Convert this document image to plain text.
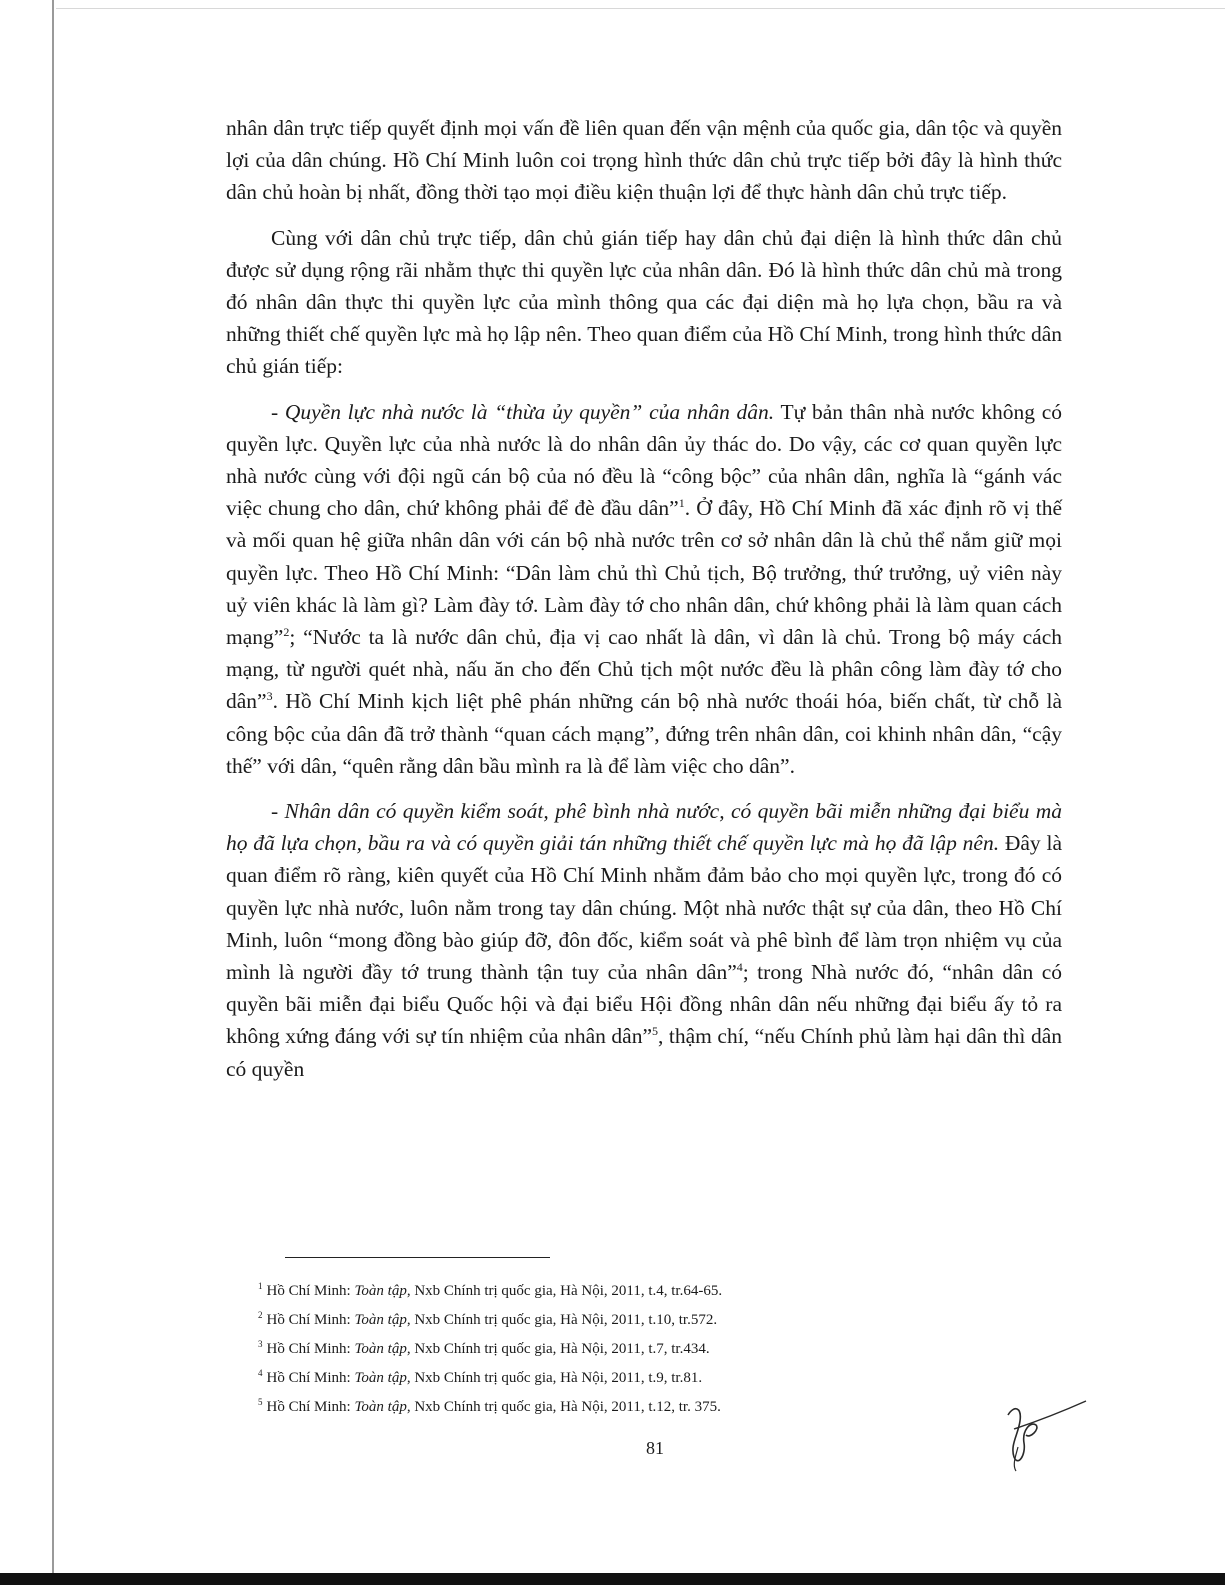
nhân dân trực tiếp quyết định mọi vấn đề liên quan đến vận mệnh của quốc gia, dân tộc và quyền lợi của dân chúng. Hồ Chí Minh luôn coi trọng hình thức dân chủ trực tiếp bởi đây là hình thức dân chủ hoàn bị nhất, đồng thời tạo mọi điều kiện thuận lợi để thực hành dân chủ trực tiếp.

Cùng với dân chủ trực tiếp, dân chủ gián tiếp hay dân chủ đại diện là hình thức dân chủ được sử dụng rộng rãi nhằm thực thi quyền lực của nhân dân. Đó là hình thức dân chủ mà trong đó nhân dân thực thi quyền lực của mình thông qua các đại diện mà họ lựa chọn, bầu ra và những thiết chế quyền lực mà họ lập nên. Theo quan điểm của Hồ Chí Minh, trong hình thức dân chủ gián tiếp:

- Quyền lực nhà nước là “thừa ủy quyền” của nhân dân. Tự bản thân nhà nước không có quyền lực. Quyền lực của nhà nước là do nhân dân ủy thác do. Do vậy, các cơ quan quyền lực nhà nước cùng với đội ngũ cán bộ của nó đều là “công bộc” của nhân dân, nghĩa là “gánh vác việc chung cho dân, chứ không phải để đè đầu dân”$^1$. Ở đây, Hồ Chí Minh đã xác định rõ vị thế và mối quan hệ giữa nhân dân với cán bộ nhà nước trên cơ sở nhân dân là chủ thể nắm giữ mọi quyền lực. Theo Hồ Chí Minh: “Dân làm chủ thì Chủ tịch, Bộ trưởng, thứ trưởng, uỷ viên này uỷ viên khác là làm gì? Làm đày tớ. Làm đày tớ cho nhân dân, chứ không phải là làm quan cách mạng”$^2$; “Nước ta là nước dân chủ, địa vị cao nhất là dân, vì dân là chủ. Trong bộ máy cách mạng, từ người quét nhà, nấu ăn cho đến Chủ tịch một nước đều là phân công làm đày tớ cho dân”$^3$. Hồ Chí Minh kịch liệt phê phán những cán bộ nhà nước thoái hóa, biến chất, từ chỗ là công bộc của dân đã trở thành “quan cách mạng”, đứng trên nhân dân, coi khinh nhân dân, “cậy thế” với dân, “quên rằng dân bầu mình ra là để làm việc cho dân”.

- Nhân dân có quyền kiểm soát, phê bình nhà nước, có quyền bãi miễn những đại biểu mà họ đã lựa chọn, bầu ra và có quyền giải tán những thiết chế quyền lực mà họ đã lập nên. Đây là quan điểm rõ ràng, kiên quyết của Hồ Chí Minh nhằm đảm bảo cho mọi quyền lực, trong đó có quyền lực nhà nước, luôn nằm trong tay dân chúng. Một nhà nước thật sự của dân, theo Hồ Chí Minh, luôn “mong đồng bào giúp đỡ, đôn đốc, kiểm soát và phê bình để làm trọn nhiệm vụ của mình là người đầy tớ trung thành tận tuy của nhân dân”$^4$; trong Nhà nước đó, “nhân dân có quyền bãi miễn đại biểu Quốc hội và đại biểu Hội đồng nhân dân nếu những đại biểu ấy tỏ ra không xứng đáng với sự tín nhiệm của nhân dân”$^5$, thậm chí, “nếu Chính phủ làm hại dân thì dân có quyền

$^1$ Hồ Chí Minh: Toàn tập, Nxb Chính trị quốc gia, Hà Nội, 2011, t.4, tr.64-65.
$^2$ Hồ Chí Minh: Toàn tập, Nxb Chính trị quốc gia, Hà Nội, 2011, t.10, tr.572.
$^3$ Hồ Chí Minh: Toàn tập, Nxb Chính trị quốc gia, Hà Nội, 2011, t.7, tr.434.
$^4$ Hồ Chí Minh: Toàn tập, Nxb Chính trị quốc gia, Hà Nội, 2011, t.9, tr.81.
$^5$ Hồ Chí Minh: Toàn tập, Nxb Chính trị quốc gia, Hà Nội, 2011, t.12, tr. 375.
81
